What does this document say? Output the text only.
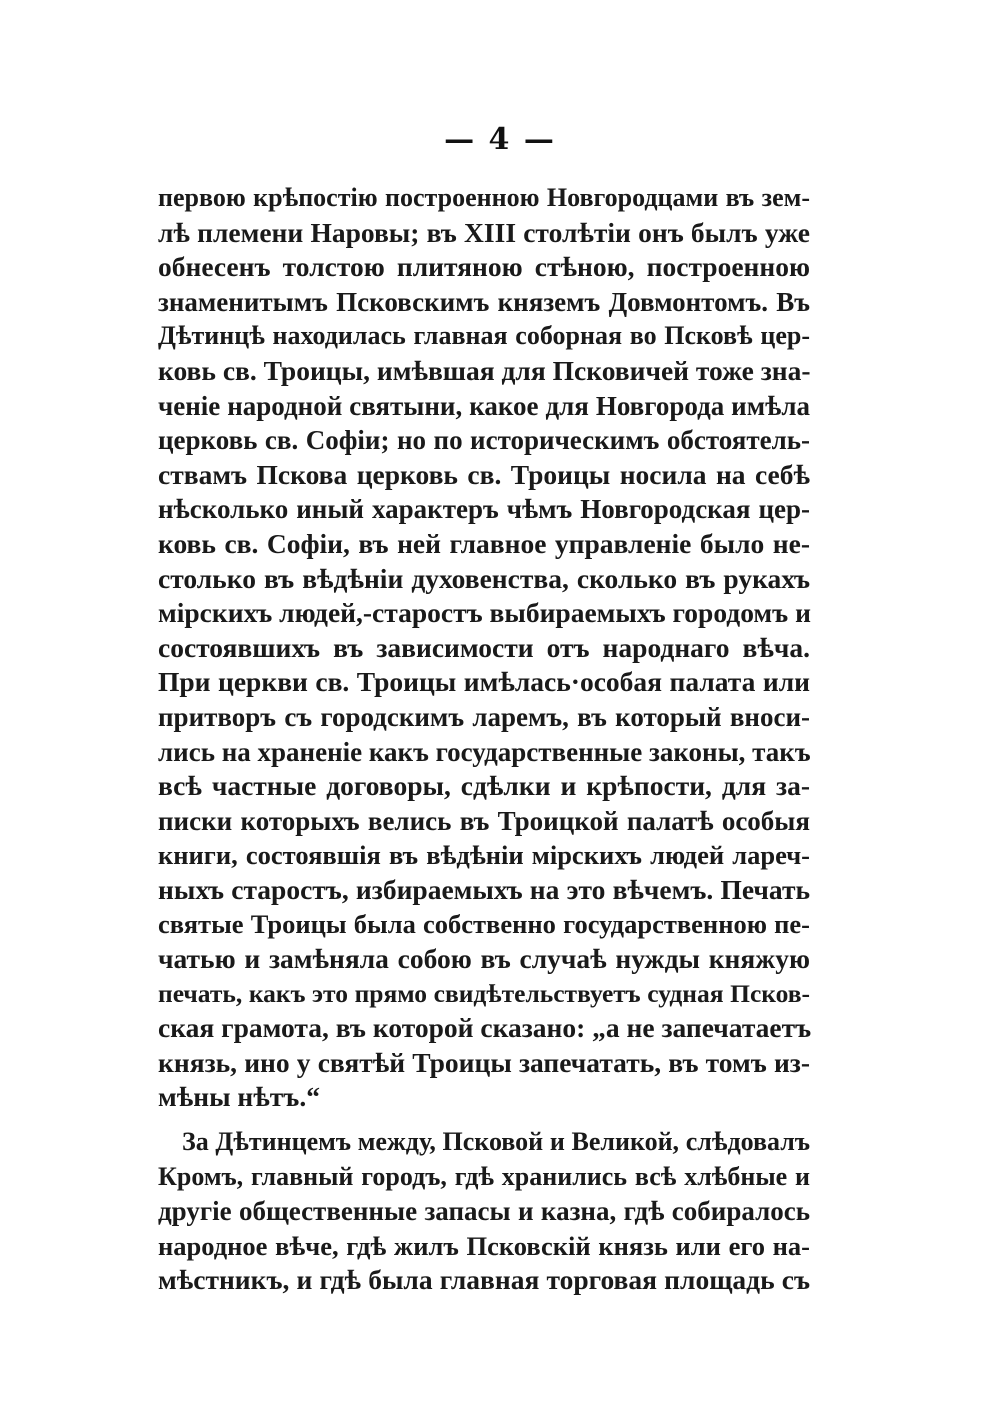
— 4 —
первою крѣпостію построенною Новгородцами въ зем-
лѣ племени Наровы; въ XIII столѣтіи онъ былъ уже
обнесенъ толстою плитяною стѣною, построенною
знаменитымъ Псковскимъ княземъ Довмонтомъ. Въ
Дѣтинцѣ находилась главная соборная во Псковѣ цер-
ковь св. Троицы, имѣвшая для Псковичей тоже зна-
ченіе народной святыни, какое для Новгорода имѣла
церковь св. Софіи; но по историческимъ обстоятель-
ствамъ Пскова церковь св. Троицы носила на себѣ
нѣсколько иный характеръ чѣмъ Новгородская цер-
ковь св. Софіи, въ ней главное управленіе было не-
столько въ вѣдѣніи духовенства, сколько въ рукахъ
мірскихъ людей,-старостъ выбираемыхъ городомъ и
состоявшихъ въ зависимости отъ народнаго вѣча.
При церкви св. Троицы имѣлась·особая палата или
притворъ съ городскимъ ларемъ, въ который вноси-
лись на храненіе какъ государственные законы, такъ
всѣ частные договоры, сдѣлки и крѣпости, для за-
писки которыхъ велись въ Троицкой палатѣ особыя
книги, состоявшія въ вѣдѣніи мірскихъ людей лареч-
ныхъ старостъ, избираемыхъ на это вѣчемъ. Печать
святые Троицы была собственно государственною пе-
чатью и замѣняла собою въ случаѣ нужды княжую
печать, какъ это прямо свидѣтельствуетъ судная Псков-
ская грамота, въ которой сказано: „а не запечатаетъ
князь, ино у святѣй Троицы запечатать, въ томъ из-
мѣны нѣтъ.“
За Дѣтинцемъ между, Псковой и Великой, слѣдовалъ
Кромъ, главный городъ, гдѣ хранились всѣ хлѣбные и
другіе общественные запасы и казна, гдѣ собиралось
народное вѣче, гдѣ жилъ Псковскій князь или его на-
мѣстникъ, и гдѣ была главная торговая площадь съ
